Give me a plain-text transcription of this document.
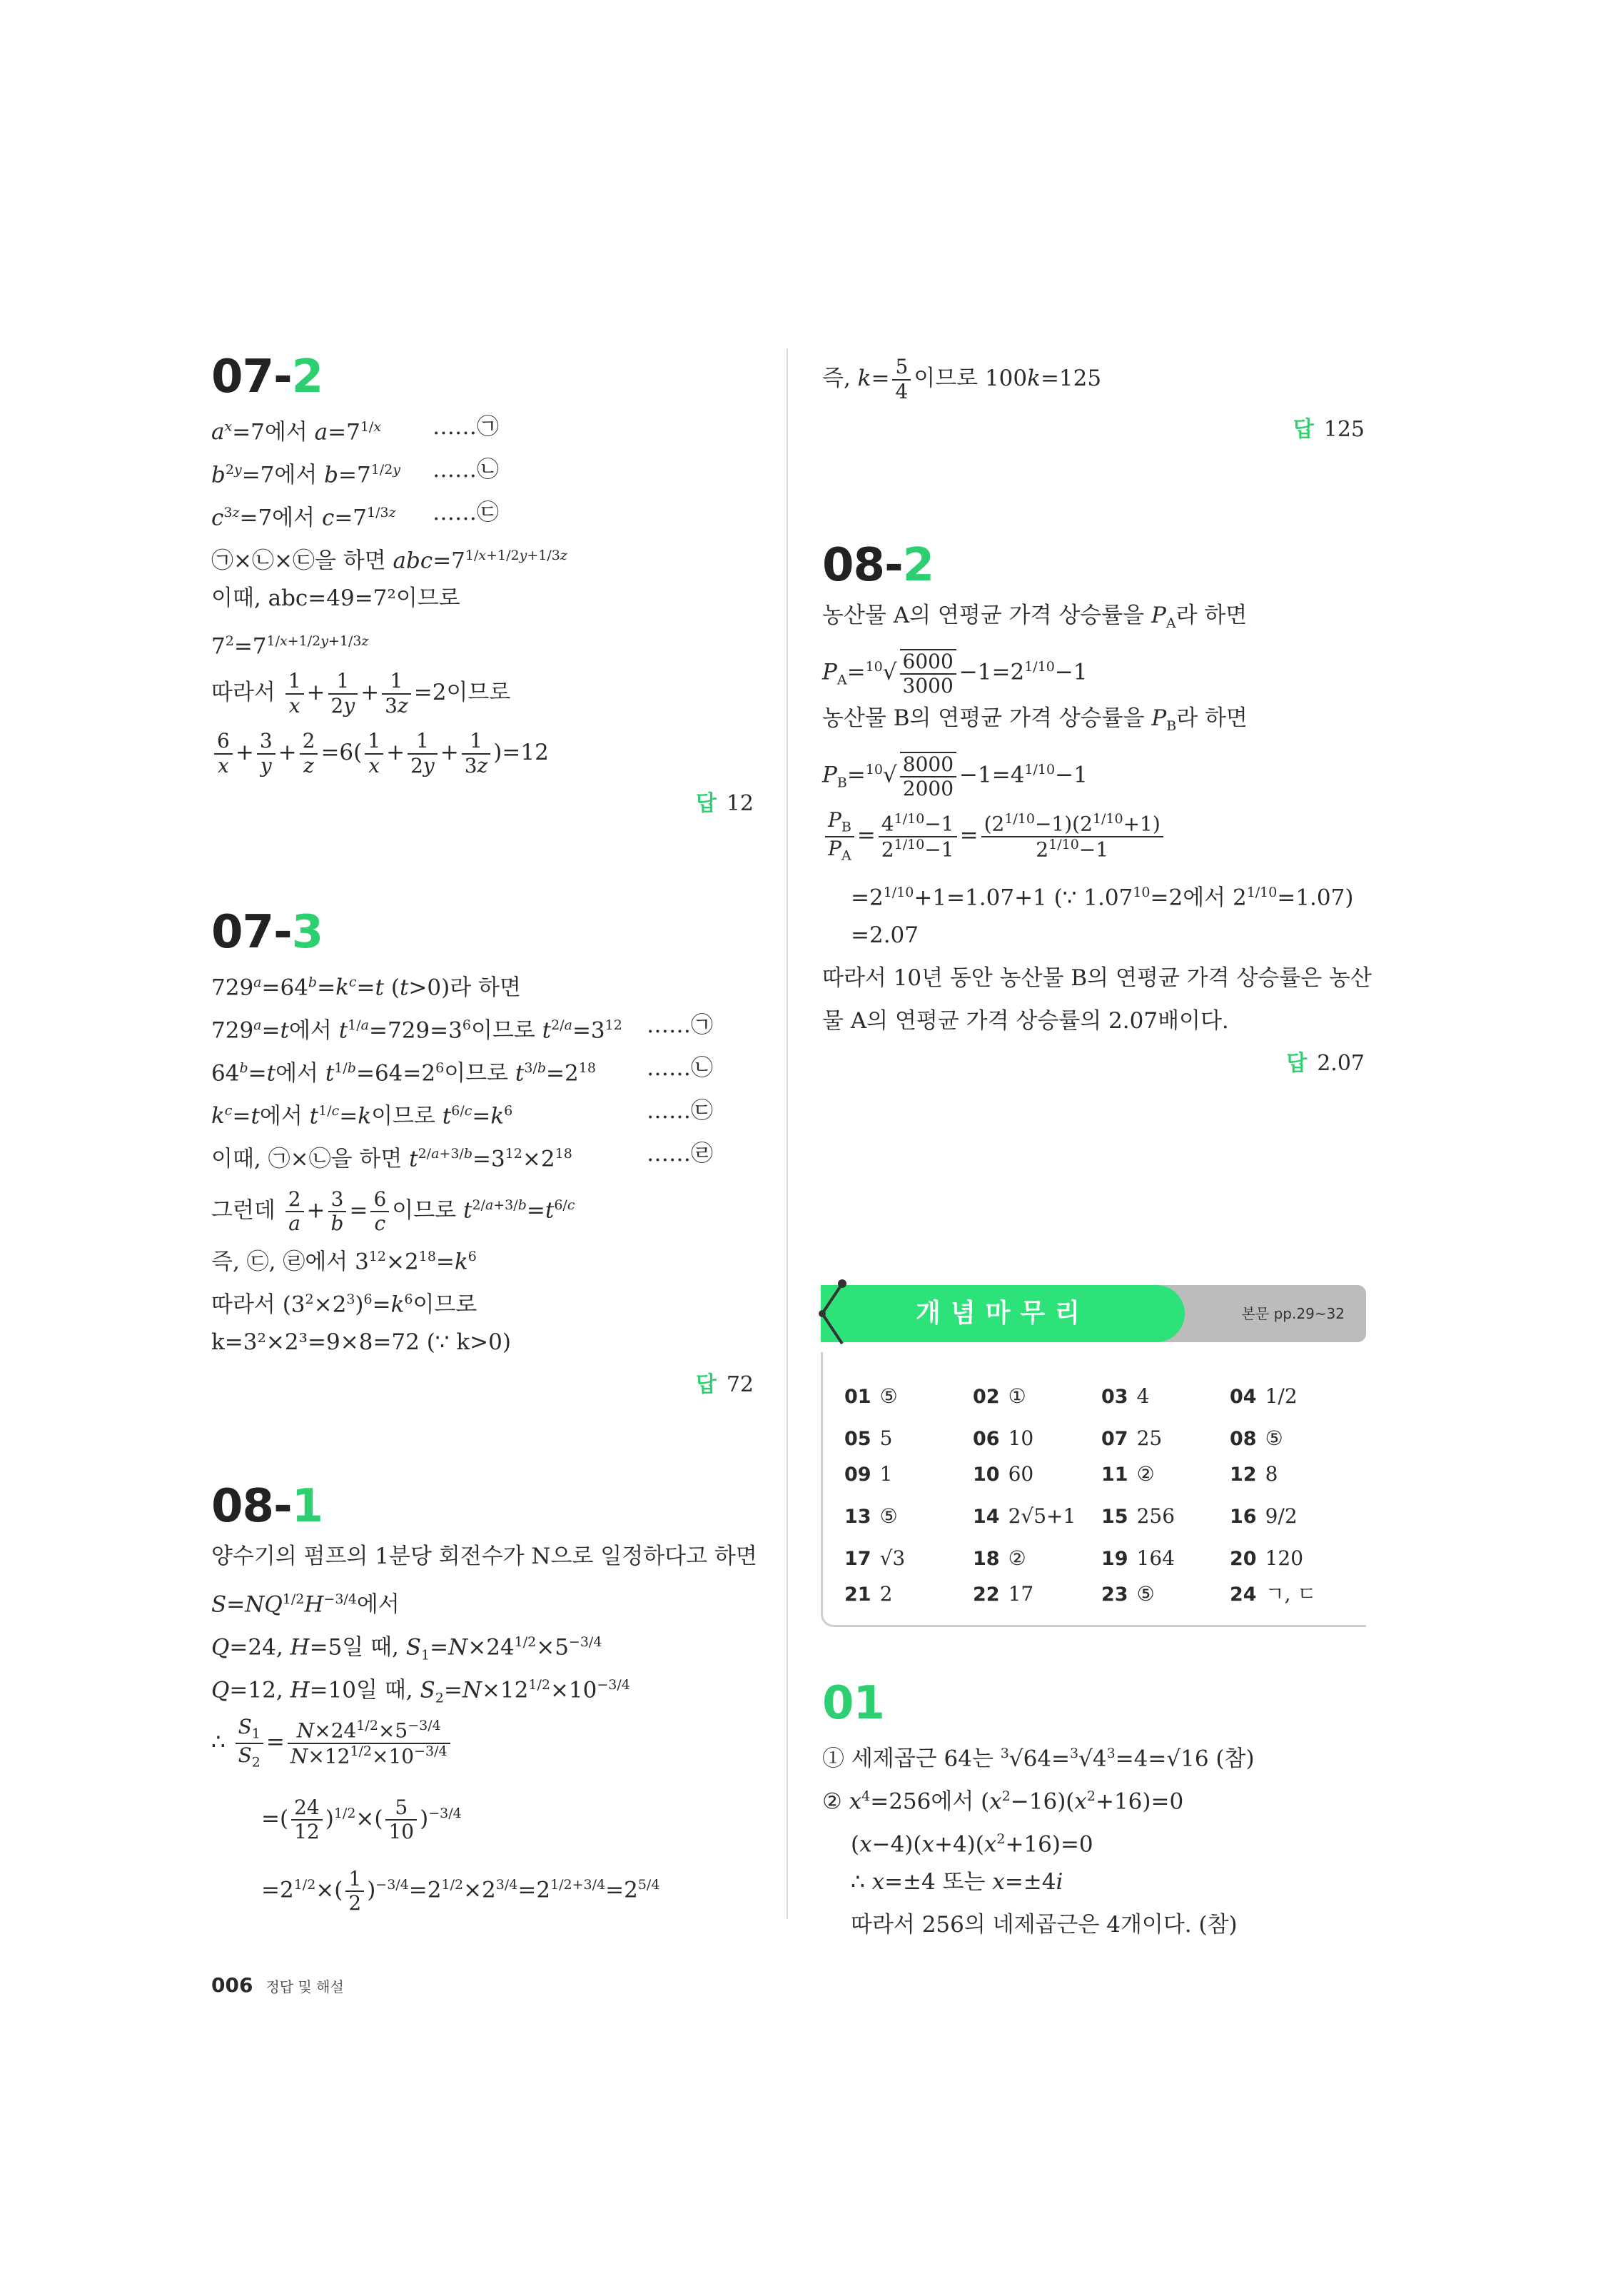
07-2
$a^x=7$에서 $a=7^{1/x}$ ……㉠
$b^{2y}=7$에서 $b=7^{1/2y}$ ……㉡
$c^{3z}=7$에서 $c=7^{1/3z}$ ……㉢
㉠×㉡×㉢을 하면 $abc=7^{1/x+1/2y+1/3z}$
이때, abc=49=7²이므로
$7^2=7^{1/x+1/2y+1/3z}$
따라서 $\frac{1}{x} + \frac{1}{2y} + \frac{1}{3z} =2$이므로
$\frac{6}{x} + \frac{3}{y} + \frac{2}{z} =6( \frac{1}{x} + \frac{1}{2y} + \frac{1}{3z} )=12$
답 12
07-3
$729^a=64^b=k^c=t$ (t>0)라 하면
$729^a=t$에서 $t^{1/a}=729=3^6$이므로 $t^{2/a}=3^{12}$ ……㉠
$64^b=t$에서 $t^{1/b}=64=2^6$이므로 $t^{3/b}=2^{18}$ ……㉡
$k^c=t$에서 $t^{1/c}=k$이므로 $t^{6/c}=k^6$	……㉢
이때, ㉠×㉡을 하면 $t^{2/a+3/b}=3^{12}\times 2^{18}$	……㉣
그런데 $\frac{2}{a} + \frac{3}{b} = \frac{6}{c}$ 이므로 $t^{2/a+3/b}=t^{6/c}$
즉, ㉢, ㉣에서 $3^{12}\times 2^{18}=k^6$
따라서 $(3^2\times 2^3)^6=k^6$이므로
k=3²×2³=9×8=72 (∵ k>0)
답 72
08-1
양수기의 펌프의 1분당 회전수가 N으로 일정하다고 하면
$S=NQ^{1/2}H^{-3/4}$에서
Q=24, H=5일 때, $S_1=N\times 24^{1/2}\times 5^{-3/4}$
Q=12, H=10일 때, $S_2=N\times 12^{1/2}\times 10^{-3/4}$
∴ $\frac{S_1}{S_2} = \frac{N\times 24^{1/2}\times 5^{-3/4}}{N\times 12^{1/2}\times 10^{-3/4}}$
=( $\frac{24}{12} )^{1/2}\times( \frac{5}{10} )^{-3/4}$
$=2^{1/2}\times( \frac{1}{2} )^{-3/4}=2^{1/2}\times 2^{3/4}=2^{1/2+3/4}=2^{5/4}$
즉, $k= \frac{5}{4}$ 이므로 100k=125
답 125
08-2
농산물 A의 연평균 가격 상승률을 $P_A$라 하면
$P_A=^{10}√ \frac{6000}{3000} -1=2^{1/10}-1$
농산물 B의 연평균 가격 상승률을 $P_B$라 하면
$P_B=^{10}√ \frac{8000}{2000} -1=4^{1/10}-1$
$\frac{P_B}{P_A} = \frac{4^{1/10}-1}{2^{1/10}-1} = \frac{(2^{1/10}-1)(2^{1/10}+1)}{2^{1/10}-1}$
$=2^{1/10}+1=1.07+1$ (∵ $1.07^{10}=2$에서 $2^{1/10}=1.07$)
=2.07
따라서 10년 동안 농산물 B의 연평균 가격 상승률은 농산
물 A의 연평균 가격 상승률의 2.07배이다.
답 2.07
본문 pp.29~32
개념마무리
01 ⑤	02 ①	03 4	04 1/2
05 5	06 10	07 25	08 ⑤
09 1	10 60	11 ②	12 8
13 ⑤	14 2√5+1	15 256	16 9/2
17 √3	18 ②	19 164	20 120
21 2	22 17	23 ⑤	24 ㄱ, ㄷ
01
① 세제곱근 64는 $^3√64=^3√4^3=4=√16$ (참)
② $x^4=256$에서 $(x^2-16)(x^2+16)=0$
$(x-4)(x+4)(x^2+16)=0$
∴ x=±4 또는 x=±4i
따라서 256의 네제곱근은 4개이다. (참)
006 정답 및 해설
